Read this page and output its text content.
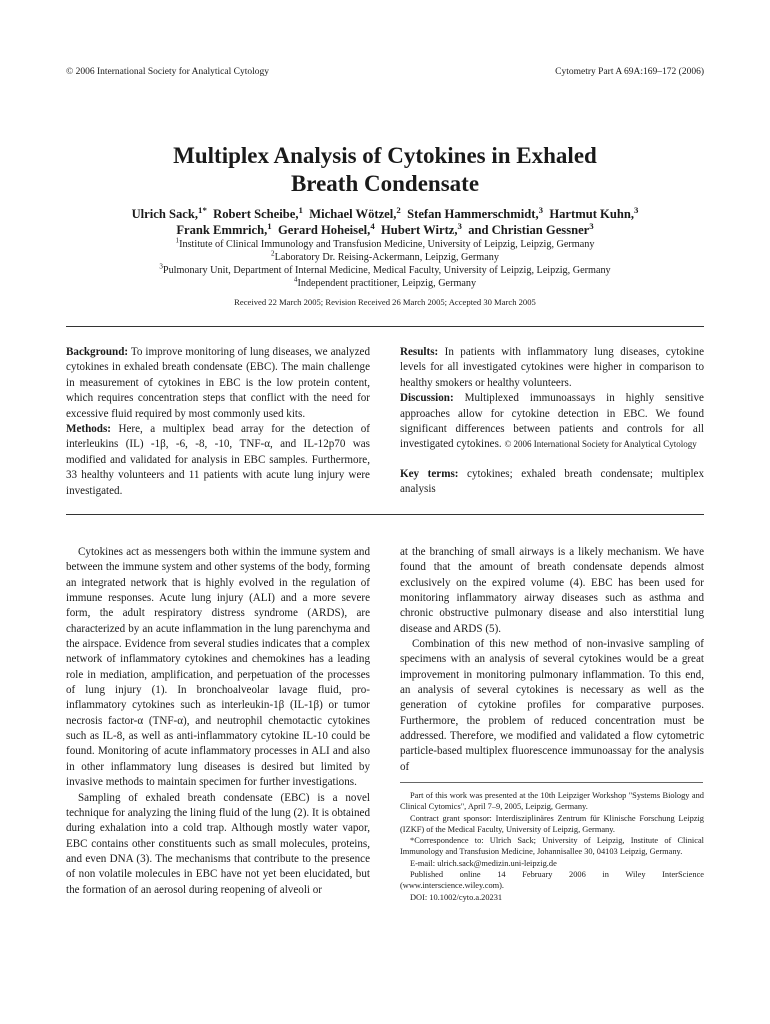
© 2006 International Society for Analytical Cytology	Cytometry Part A 69A:169–172 (2006)
Multiplex Analysis of Cytokines in Exhaled
Breath Condensate
Ulrich Sack,$^{1*}$ Robert Scheibe,$^1$ Michael Wötzel,$^2$ Stefan Hammerschmidt,$^3$ Hartmut Kuhn,$^3$
Frank Emmrich,$^1$ Gerard Hoheisel,$^4$ Hubert Wirtz,$^3$ and Christian Gessner$^3$
$^1$Institute of Clinical Immunology and Transfusion Medicine, University of Leipzig, Leipzig, Germany
$^2$Laboratory Dr. Reising-Ackermann, Leipzig, Germany
$^3$Pulmonary Unit, Department of Internal Medicine, Medical Faculty, University of Leipzig, Leipzig, Germany
$^4$Independent practitioner, Leipzig, Germany
Received 22 March 2005; Revision Received 26 March 2005; Accepted 30 March 2005

Background: To improve monitoring of lung diseases, we analyzed cytokines in exhaled breath condensate (EBC). The main challenge in measurement of cytokines in EBC is the low protein content, which requires concentration steps that conflict with the need for excessive fluid required by most commonly used kits.

Methods: Here, a multiplex bead array for the detection of interleukins (IL) -1β, -6, -8, -10, TNF-α, and IL-12p70 was modified and validated for analysis in EBC samples. Furthermore, 33 healthy volunteers and 11 patients with acute lung injury were investigated.

Results: In patients with inflammatory lung diseases, cytokine levels for all investigated cytokines were higher in comparison to healthy smokers or healthy volunteers.

Discussion: Multiplexed immunoassays in highly sensitive approaches allow for cytokine detection in EBC. We found significant differences between patients and controls for all investigated cytokines. © 2006 International Society for Analytical Cytology

Key terms: cytokines; exhaled breath condensate; multiplex analysis

Cytokines act as messengers both within the immune system and between the immune system and other systems of the body, forming an integrated network that is highly evolved in the regulation of immune responses. Acute lung injury (ALI) and a more severe form, the adult respiratory distress syndrome (ARDS), are characterized by an acute inflammation in the lung parenchyma and the airspace. Evidence from several studies indicates that a complex network of inflammatory cytokines and chemokines has a leading role in mediation, amplification, and perpetuation of the processes of lung injury (1). In bronchoalveolar lavage fluid, pro-inflammatory cytokines such as interleukin-1β (IL-1β) or tumor necrosis factor-α (TNF-α), and neutrophil chemotactic cytokines such as IL-8, as well as anti-inflammatory cytokine IL-10 could be found. Monitoring of acute inflammatory processes in ALI and also in other inflammatory lung diseases is desired but limited by invasive methods to maintain specimen for further investigations.

Sampling of exhaled breath condensate (EBC) is a novel technique for analyzing the lining fluid of the lung (2). It is obtained during exhalation into a cold trap. Although mostly water vapor, EBC contains other constituents such as small molecules, proteins, and even DNA (3). The mechanisms that contribute to the presence of non volatile molecules in EBC have not yet been elucidated, but the formation of an aerosol during reopening of alveoli or

at the branching of small airways is a likely mechanism. We have found that the amount of breath condensate depends almost exclusively on the expired volume (4). EBC has been used for monitoring inflammatory airway diseases such as asthma and chronic obstructive pulmonary disease and also interstitial lung disease and ARDS (5).

Combination of this new method of non-invasive sampling of specimens with an analysis of several cytokines would be a great improvement in monitoring pulmonary inflammation. To this end, an analysis of several cytokines is necessary as well as the generation of cytokine profiles for comparative purposes. Furthermore, the problem of reduced concentration must be addressed. Therefore, we modified and validated a flow cytometric particle-based multiplex fluorescence immunoassay for the analysis of

Part of this work was presented at the 10th Leipziger Workshop "Systems Biology and Clinical Cytomics", April 7–9, 2005, Leipzig, Germany.

Contract grant sponsor: Interdisziplinäres Zentrum für Klinische Forschung Leipzig (IZKF) of the Medical Faculty, University of Leipzig, Germany.

*Correspondence to: Ulrich Sack; University of Leipzig, Institute of Clinical Immunology and Transfusion Medicine, Johannisallee 30, 04103 Leipzig, Germany.

E-mail: ulrich.sack@medizin.uni-leipzig.de

Published online 14 February 2006 in Wiley InterScience (www.interscience.wiley.com).

DOI: 10.1002/cyto.a.20231
